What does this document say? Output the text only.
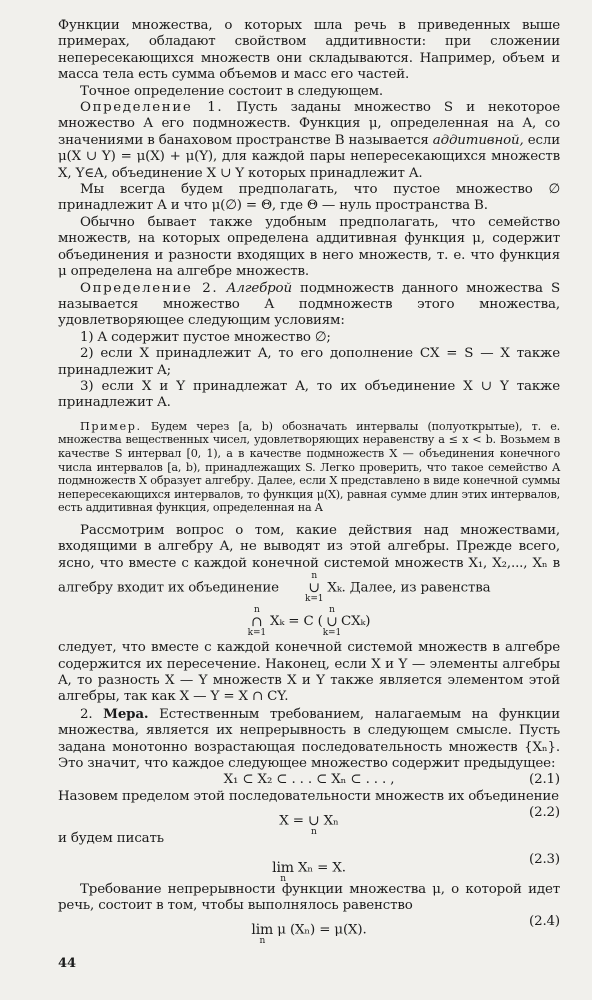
Функции множества, о которых шла речь в приведенных выше примерах, обладают свойством аддитивности: при сложении непересекающихся множеств они складываются. Например, объем и масса тела есть сумма объемов и масс его частей.

Точное определение состоит в следующем.

Определение 1. Пусть заданы множество S и некоторое множество A его подмножеств. Функция μ, определенная на A, со значениями в банаховом пространстве B называется аддитивной, если μ(X ∪ Y) = μ(X) + μ(Y), для каждой пары непересекающихся множеств X, Y∈A, объединение X ∪ Y которых принадлежит A.

Мы всегда будем предполагать, что пустое множество ∅ принадлежит A и что μ(∅) = Θ, где Θ — нуль пространства B.

Обычно бывает также удобным предполагать, что семейство множеств, на которых определена аддитивная функция μ, содержит объединения и разности входящих в него множеств, т. е. что функция μ определена на алгебре множеств.

Определение 2. Алгеброй подмножеств данного множества S называется множество A подмножеств этого множества, удовлетворяющее следующим условиям:

1) A содержит пустое множество ∅;

2) если X принадлежит A, то его дополнение CX = S — X также принадлежит A;

3) если X и Y принадлежат A, то их объединение X ∪ Y также принадлежит A.

Пример. Будем через [a, b) обозначать интервалы (полуоткрытые), т. е. множества вещественных чисел, удовлетворяющих неравенству a ≤ x < b. Возьмем в качестве S интервал [0, 1), а в качестве подмножеств X — объединения конечного числа интервалов [a, b), принадлежащих S. Легко проверить, что такое семейство A подмножеств X образует алгебру. Далее, если X представлено в виде конечной суммы непересекающихся интервалов, то функция μ(X), равная сумме длин этих интервалов, есть аддитивная функция, определенная на A

Рассмотрим вопрос о том, какие действия над множествами, входящими в алгебру A, не выводят из этой алгебры. Прежде всего, ясно, что вместе с каждой конечной системой множеств X₁, X₂,..., Xₙ в алгебру входит их объединение
n
∪
k=1
Xₖ. Далее, из равенства

n
∩
k=1
Xₖ = C (
n
∪
k=1
CXₖ)

следует, что вместе с каждой конечной системой множеств в алгебре содержится их пересечение. Наконец, если X и Y — элементы алгебры A, то разность X — Y множеств X и Y также является элементом этой алгебры, так как X — Y = X ∩ CY.

2. Мера. Естественным требованием, налагаемым на функции множества, является их непрерывность в следующем смысле. Пусть задана монотонно возрастающая последовательность множеств {Xₙ}. Это значит, что каждое следующее множество содержит предыдущее:

X₁ ⊂ X₂ ⊂ . . . ⊂ Xₙ ⊂ . . . ,	(2.1)

Назовем пределом этой последовательности множеств их объединение

X =
∪
n
Xₙ
(2.2)

и будем писать

lim
n
Xₙ = X.
(2.3)

Требование непрерывности функции множества μ, о которой идет речь, состоит в том, чтобы выполнялось равенство

lim
n
μ (Xₙ) = μ(X).
(2.4)
44
